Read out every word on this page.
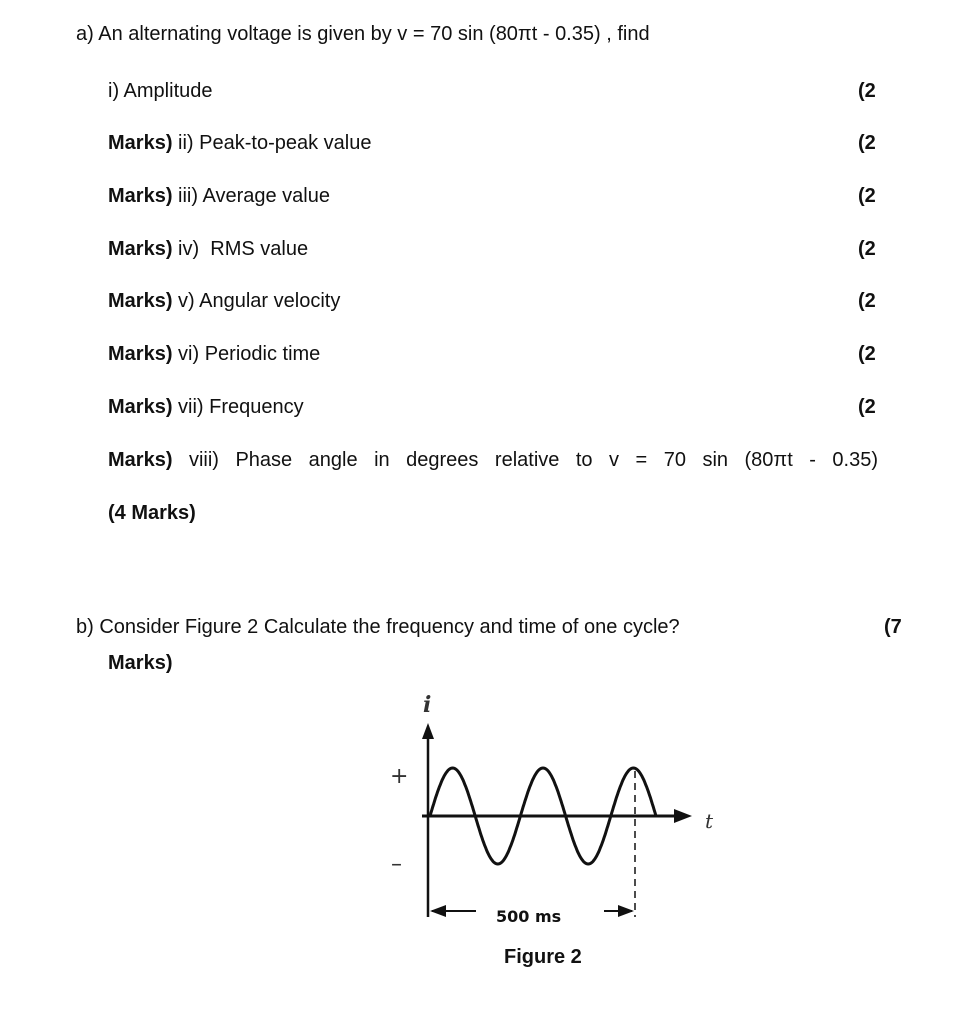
a) An alternating voltage is given by v = 70 sin (80πt - 0.35) , find
i) Amplitude	(2
Marks) ii) Peak-to-peak value	(2
Marks) iii) Average value	(2
Marks) iv)  RMS value	(2
Marks) v) Angular velocity	(2
Marks) vi) Periodic time	(2
Marks) vii) Frequency	(2
Marks) viii) Phase angle in degrees relative to v = 70 sin (80πt - 0.35)
(4 Marks)
b) Consider Figure 2 Calculate the frequency and time of one cycle?	(7
Marks)
i
+
–
t
500 ms
Figure 2
